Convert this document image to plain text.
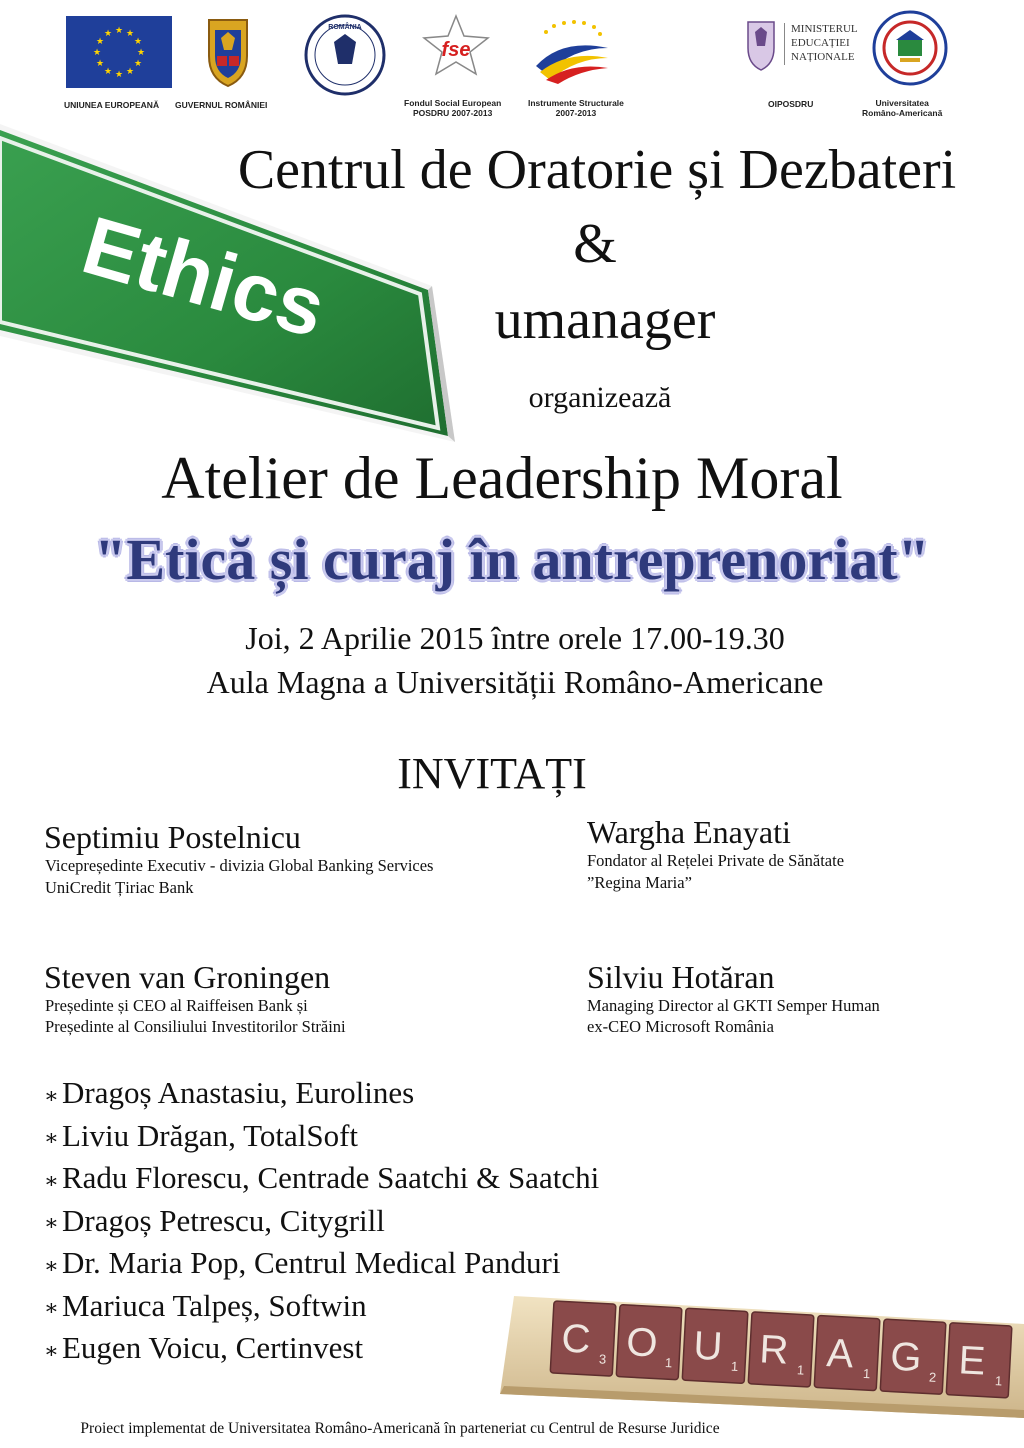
★ ★
★
★
★
★
★
★
★
★
★
★
UNIUNEA EUROPEANĂ GUVERNUL ROMÂNIEI
ROMÂNIA
fse
Fondul Social European
POSDRU 2007-2013
Instrumente Structurale
2007-2013
MINISTERUL
EDUCAȚIEI
NAȚIONALE
OIPOSDRU	Universitatea
Româno-Americană
Ethics
Centrul de Oratorie și Dezbateri
&
umanager
organizează
Atelier de Leadership Moral
"Etică și curaj în antreprenoriat"
Joi, 2 Aprilie 2015 între orele 17.00-19.30
Aula Magna a Universității Româno-Americane
INVITAȚI
Septimiu Postelnicu
Vicepreședinte Executiv - divizia Global Banking Services
UniCredit Țiriac Bank
Wargha Enayati
Fondator al Rețelei Private de Sănătate
”Regina Maria”
Steven van Groningen
Președinte și CEO al Raiffeisen Bank și
Președinte al Consiliului Investitorilor Străini
Silviu Hotăran
Managing Director al GKTI Semper Human
ex-CEO Microsoft România
∗Dragoș Anastasiu, Eurolines
∗Liviu Drăgan, TotalSoft
∗Radu Florescu, Centrade Saatchi & Saatchi
∗Dragoș Petrescu, Citygrill
∗Dr. Maria Pop, Centrul Medical Panduri
∗Mariuca Talpeș, Softwin
∗Eugen Voicu, Certinvest	C 3 O 1 U 1 R 1 A 1 G 2 E 1
Proiect implementat de Universitatea Româno-Americană în parteneriat cu Centrul de Resurse Juridice
